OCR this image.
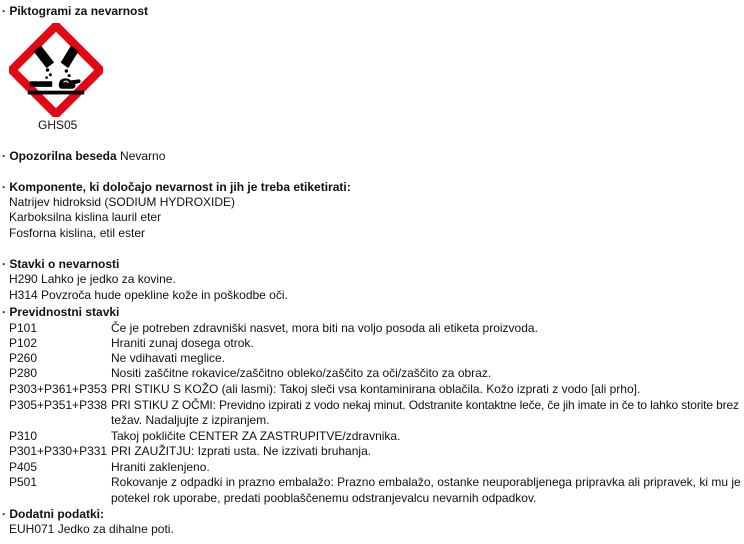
· Piktogrami za nevarnost
GHS05
· Opozorilna beseda Nevarno
· Komponente, ki določajo nevarnost in jih je treba etiketirati:
Natrijev hidroksid (SODIUM HYDROXIDE)
Karboksilna kislina lauril eter
Fosforna kislina, etil ester
· Stavki o nevarnosti
H290 Lahko je jedko za kovine.
H314 Povzroča hude opekline kože in poškodbe oči.
· Previdnostni stavki
P101	Če je potreben zdravniški nasvet, mora biti na voljo posoda ali etiketa proizvoda.
P102	Hraniti zunaj dosega otrok.
P260	Ne vdihavati meglice.
P280	Nositi zaščitne rokavice/zaščitno obleko/zaščito za oči/zaščito za obraz.
P303+P361+P353 PRI STIKU S KOŽO (ali lasmi): Takoj sleči vsa kontaminirana oblačila. Kožo izprati z vodo [ali prho].
P305+P351+P338 PRI STIKU Z OČMI: Previdno izpirati z vodo nekaj minut. Odstranite kontaktne leče, če jih imate in če to lahko storite brez
težav. Nadaljujte z izpiranjem.
P310	Takoj pokličite CENTER ZA ZASTRUPITVE/zdravnika.
P301+P330+P331 PRI ZAUŽITJU: Izprati usta. Ne izzivati bruhanja.
P405	Hraniti zaklenjeno.
P501	Rokovanje z odpadki in prazno embalažo: Prazno embalažo, ostanke neuporabljenega pripravka ali pripravek, ki mu je
potekel rok uporabe, predati pooblaščenemu odstranjevalcu nevarnih odpadkov.
· Dodatni podatki:
EUH071 Jedko za dihalne poti.
